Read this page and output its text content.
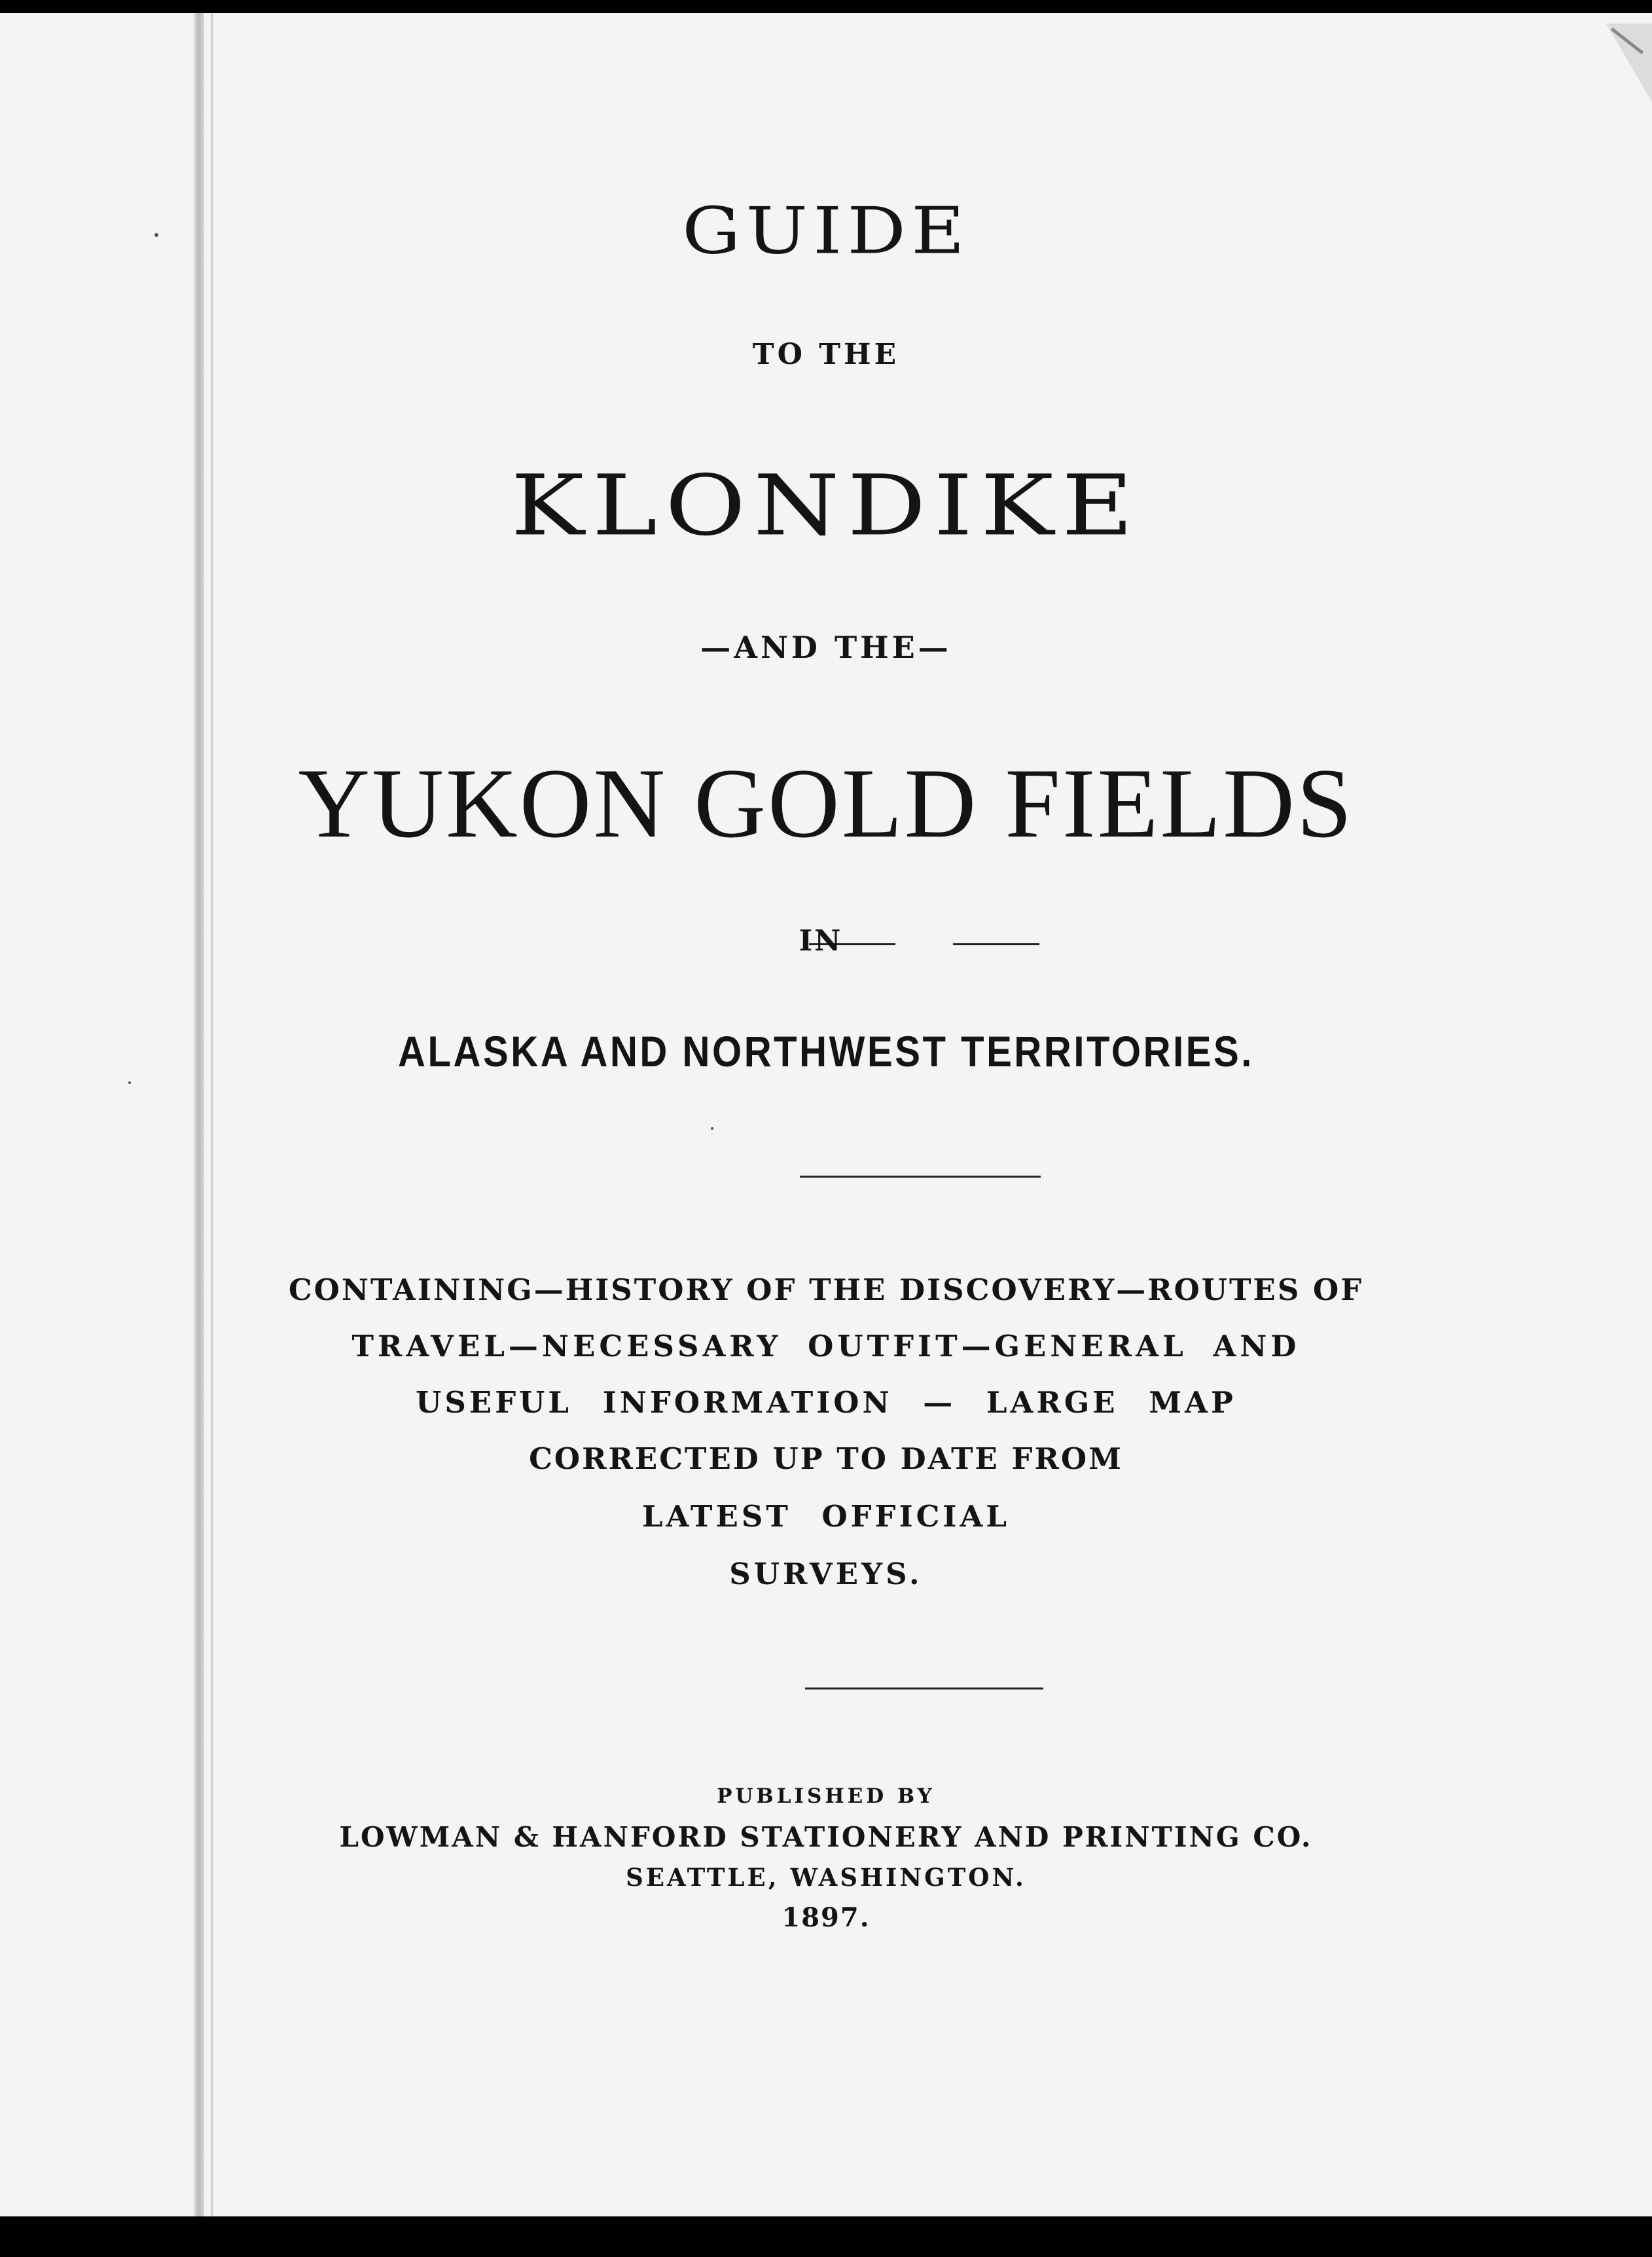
GUIDE
TO THE
KLONDIKE
—AND THE—
YUKON GOLD FIELDS
IN
ALASKA AND NORTHWEST TERRITORIES.
CONTAINING—HISTORY OF THE DISCOVERY—ROUTES OF
TRAVEL—NECESSARY OUTFIT—GENERAL AND
USEFUL INFORMATION — LARGE MAP
CORRECTED UP TO DATE FROM
LATEST OFFICIAL
SURVEYS.
PUBLISHED BY
LOWMAN & HANFORD STATIONERY AND PRINTING CO.
SEATTLE, WASHINGTON.
1897.
